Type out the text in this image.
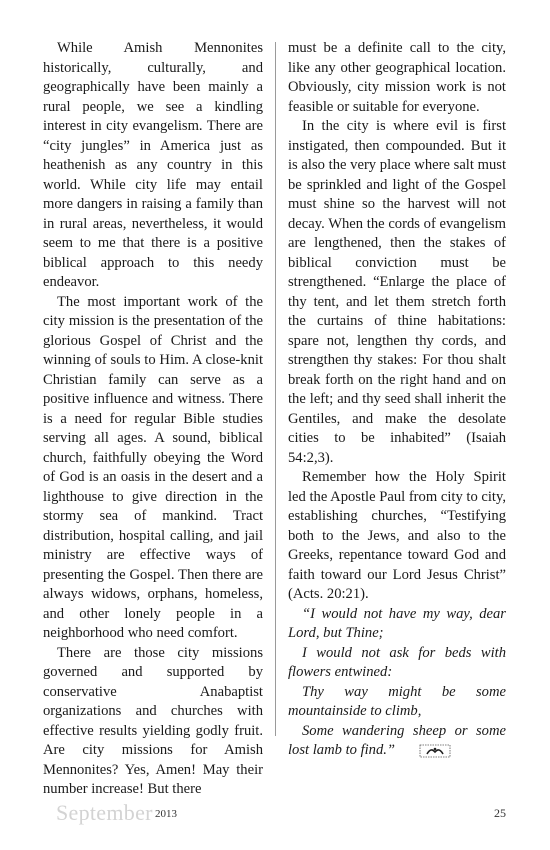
While Amish Mennonites historically, culturally, and geographically have been mainly a rural people, we see a kindling interest in city evangelism. There are “city jungles” in America just as heathenish as any country in this world. While city life may entail more dangers in raising a family than in rural areas, nevertheless, it would seem to me that there is a positive biblical approach to this needy endeavor.

The most important work of the city mission is the presentation of the glorious Gospel of Christ and the winning of souls to Him. A close-knit Christian family can serve as a positive influence and witness. There is a need for regular Bible studies serving all ages. A sound, biblical church, faithfully obeying the Word of God is an oasis in the desert and a lighthouse to give direction in the stormy sea of mankind. Tract distribution, hospital calling, and jail ministry are effective ways of presenting the Gospel. Then there are always widows, orphans, homeless, and other lonely people in a neighborhood who need comfort.

There are those city missions governed and supported by conservative Anabaptist organizations and churches with effective results yielding godly fruit. Are city missions for Amish Mennonites? Yes, Amen! May their number increase! But there

must be a definite call to the city, like any other geographical location. Obviously, city mission work is not feasible or suitable for everyone.

In the city is where evil is first instigated, then compounded. But it is also the very place where salt must be sprinkled and light of the Gospel must shine so the harvest will not decay. When the cords of evangelism are lengthened, then the stakes of biblical conviction must be strengthened. “Enlarge the place of thy tent, and let them stretch forth the curtains of thine habitations: spare not, lengthen thy cords, and strengthen thy stakes: For thou shalt break forth on the right hand and on the left; and thy seed shall inherit the Gentiles, and make the desolate cities to be inhabited” (Isaiah 54:2,3).

Remember how the Holy Spirit led the Apostle Paul from city to city, establishing churches, “Testifying both to the Jews, and also to the Greeks, repentance toward God and faith toward our Lord Jesus Christ” (Acts. 20:21).

“I would not have my way, dear Lord, but Thine;

I would not ask for beds with flowers entwined:

Thy way might be some mountainside to climb,

Some wandering sheep or some lost lamb to find.”

September 2013	25
